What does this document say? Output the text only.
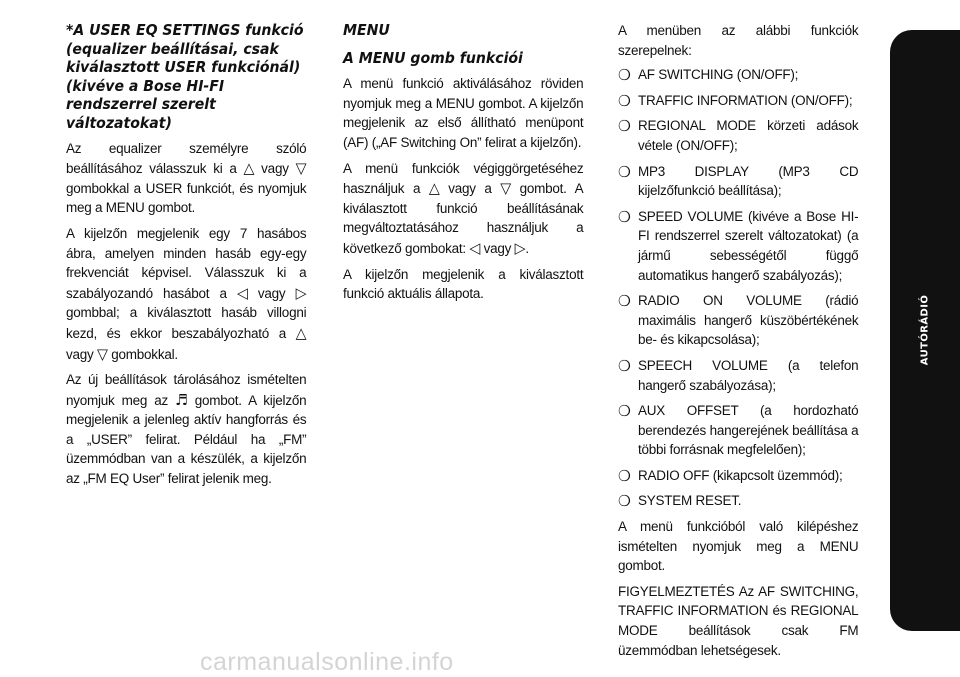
*A USER EQ SETTINGS funkció (equalizer beállításai, csak kiválasztott USER funkciónál) (kivéve a Bose HI-FI rendszerrel szerelt változatokat)

Az equalizer személyre szóló beállításához válasszuk ki a △ vagy ▽ gombokkal a USER funkciót, és nyomjuk meg a MENU gombot.

A kijelzőn megjelenik egy 7 hasábos ábra, amelyen minden hasáb egy-egy frekvenciát képvisel. Válasszuk ki a szabályozandó hasábot a ◁ vagy ▷ gombbal; a kiválasztott hasáb villogni kezd, és ekkor beszabályozható a △ vagy ▽ gombokkal.

Az új beállítások tárolásához ismételten nyomjuk meg az ♬ gombot. A kijelzőn megjelenik a jelenleg aktív hangforrás és a „USER” felirat. Például ha „FM” üzemmódban van a készülék, a kijelzőn az „FM EQ User” felirat jelenik meg.

MENU
A MENU gomb funkciói

A menü funkció aktiválásához röviden nyomjuk meg a MENU gombot. A kijelzőn megjelenik az első állítható menüpont (AF) („AF Switching On” felirat a kijelzőn).

A menü funkciók végiggörgetéséhez használjuk a △ vagy a ▽ gombot. A kiválasztott funkció beállításának megváltoztatásához használjuk a következő gombokat: ◁ vagy ▷.

A kijelzőn megjelenik a kiválasztott funkció aktuális állapota.

A menüben az alábbi funkciók szerepelnek:

❍ AF SWITCHING (ON/OFF);
❍ TRAFFIC INFORMATION (ON/OFF);
❍ REGIONAL MODE körzeti adások vétele (ON/OFF);
❍ MP3 DISPLAY (MP3 CD kijelzőfunkció beállítása);
❍ SPEED VOLUME (kivéve a Bose HI-FI rendszerrel szerelt változatokat) (a jármű sebességétől függő automatikus hangerő szabályozás);
❍ RADIO ON VOLUME (rádió maximális hangerő küszöbértékének be- és kikapcsolása);
❍ SPEECH VOLUME (a telefon hangerő szabályozása);
❍ AUX OFFSET (a hordozható berendezés hangerejének beállítása a többi forrásnak megfelelően);
❍ RADIO OFF (kikapcsolt üzemmód);
❍ SYSTEM RESET.

A menü funkcióból való kilépéshez ismételten nyomjuk meg a MENU gombot.

FIGYELMEZTETÉS Az AF SWITCHING, TRAFFIC INFORMATION és REGIONAL MODE beállítások csak FM üzemmódban lehetségesek.

AUTÓRÁDIÓ
261
carmanualsonline.info
